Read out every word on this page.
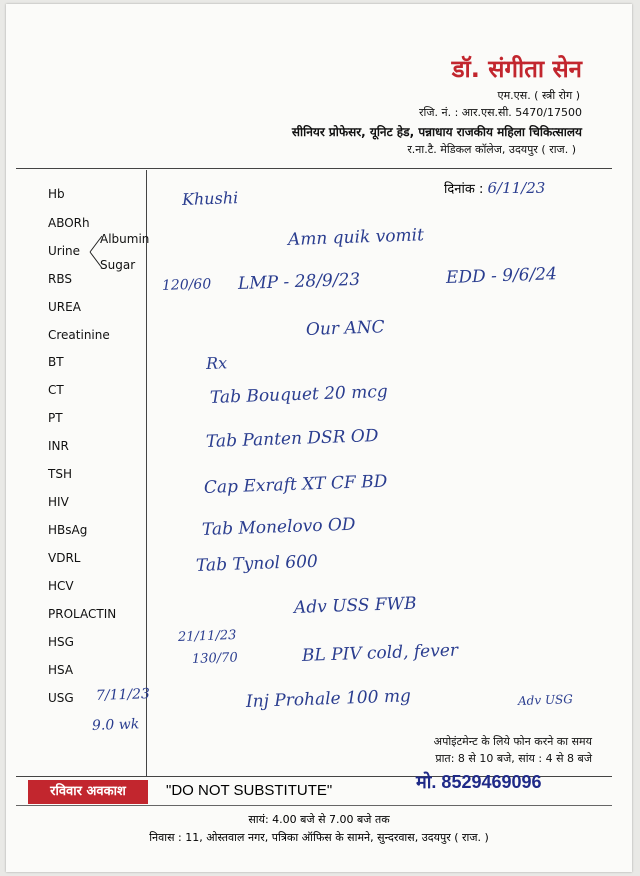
डॉ. संगीता सेन
एम.एस. ( स्त्री रोग )
रजि. नं. : आर.एस.सी. 5470/17500
सीनियर प्रोफेसर, यूनिट हेड, पन्नाधाय राजकीय महिला चिकित्सालय
र.ना.टै. मेडिकल कॉलेज, उदयपुर ( राज. )
दिनांक : 6/11/23
Hb
ABORh
Urine
Albumin
Sugar
RBS
UREA
Creatinine
BT
CT
PT
INR
TSH
HIV
HBsAg
VDRL
HCV
PROLACTIN
HSG
HSA
USG
Khushi
Amn quik vomit
120/60 LMP - 28/9/23	EDD - 9/6/24
Our ANC
Rx
Tab Bouquet 20 mcg
Tab Panten DSR OD
Cap Exraft XT CF BD
Tab Monelovo OD
Tab Tynol 600
Adv USS FWB
21/11/23
130/70	BL PIV cold, fever
Inj Prohale 100 mg	Adv USG
7/11/23
9.0 wk
अपोइंटमेन्ट के लिये फोन करने का समय
प्रात: 8 से 10 बजे, सांय : 4 से 8 बजे
रविवार अवकाश	"DO NOT SUBSTITUTE"	मो. 8529469096
सायं: 4.00 बजे से 7.00 बजे तक
निवास : 11, ओस्तवाल नगर, पत्रिका ऑफिस के सामने, सुन्दरवास, उदयपुर ( राज. )
